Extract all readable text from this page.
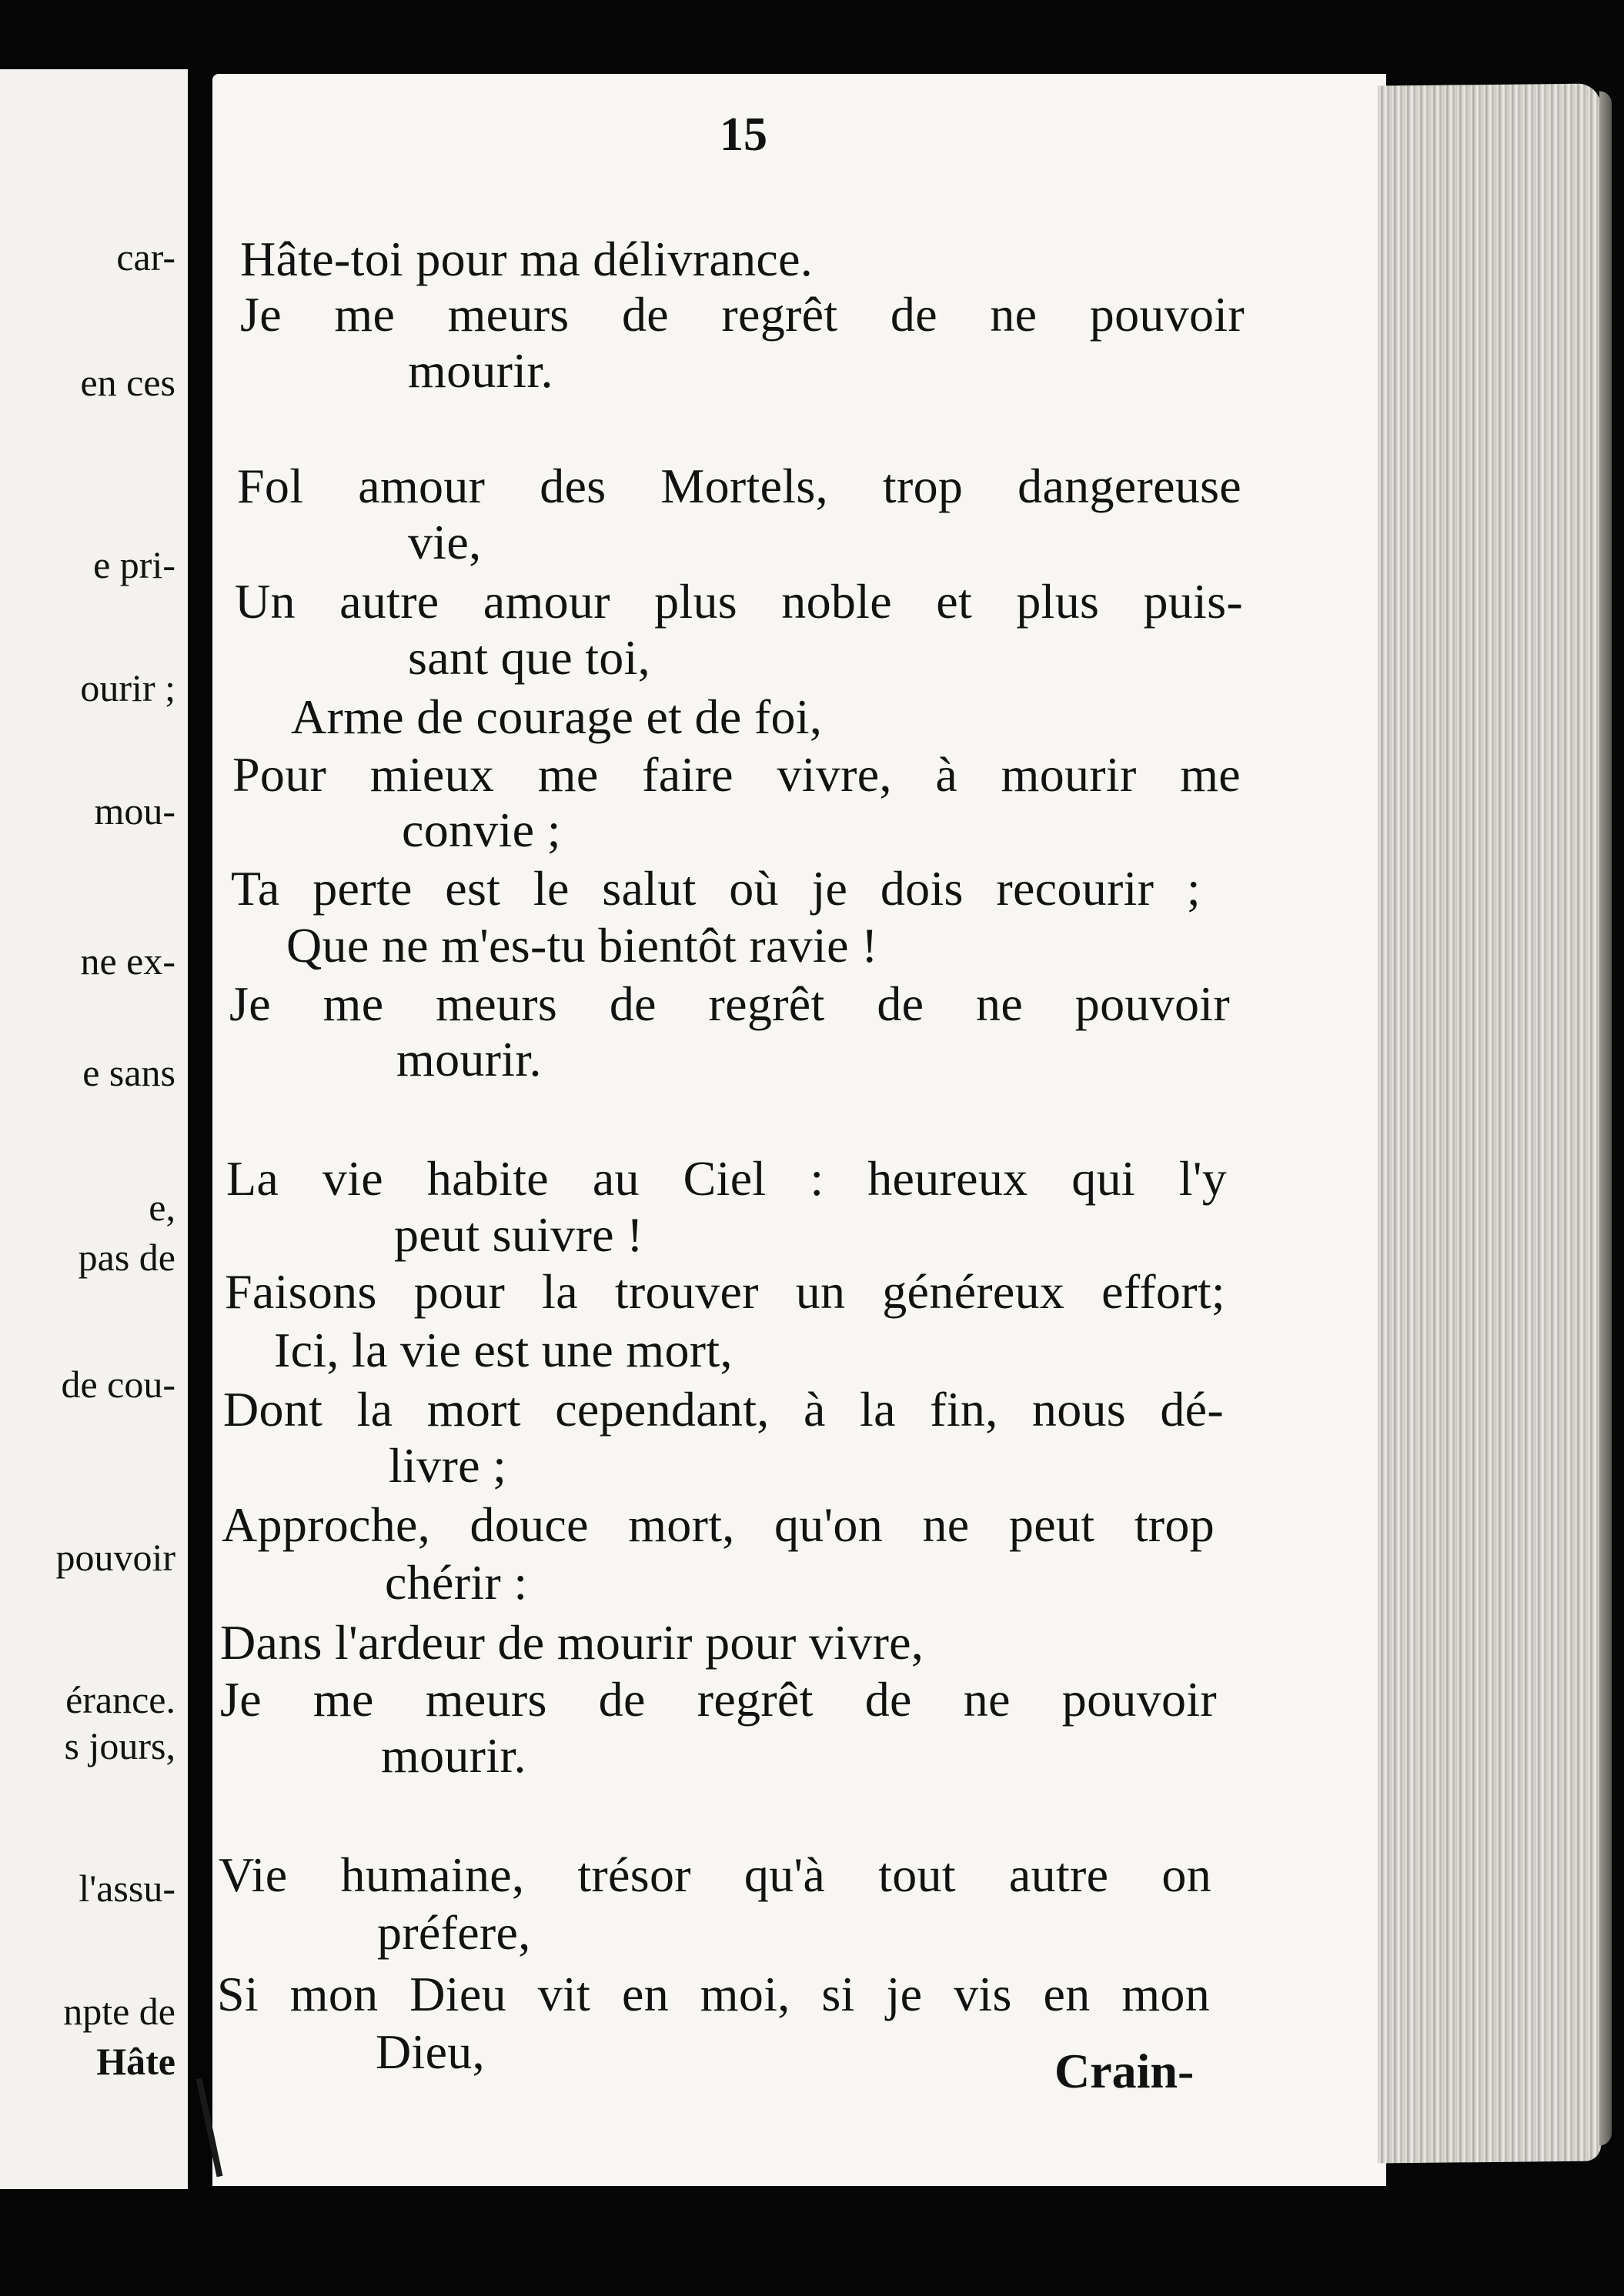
car-
en ces
e pri-
ourir ;
mou-
ne ex-
e sans
e,
pas de
de cou-
pouvoir
érance.
s jours,
l'assu-
npte de
Hâte
15
Hâte-toi pour ma délivrance.
Je me meurs de regrêt de ne pouvoir
mourir.
Fol amour des Mortels, trop dangereuse
vie,
Un autre amour plus noble et plus puis-
sant que toi,
Arme de courage et de foi,
Pour mieux me faire vivre, à mourir me
convie ;
Ta perte est le salut où je dois recourir ;
Que ne m'es-tu bientôt ravie !
Je me meurs de regrêt de ne pouvoir
mourir.
La vie habite au Ciel : heureux qui l'y
peut suivre !
Faisons pour la trouver un généreux effort;
Ici, la vie est une mort,
Dont la mort cependant, à la fin, nous dé-
livre ;
Approche, douce mort, qu'on ne peut trop
chérir :
Dans l'ardeur de mourir pour vivre,
Je me meurs de regrêt de ne pouvoir
mourir.
Vie humaine, trésor qu'à tout autre on
préfere,
Si mon Dieu vit en moi, si je vis en mon
Dieu,	Crain-
